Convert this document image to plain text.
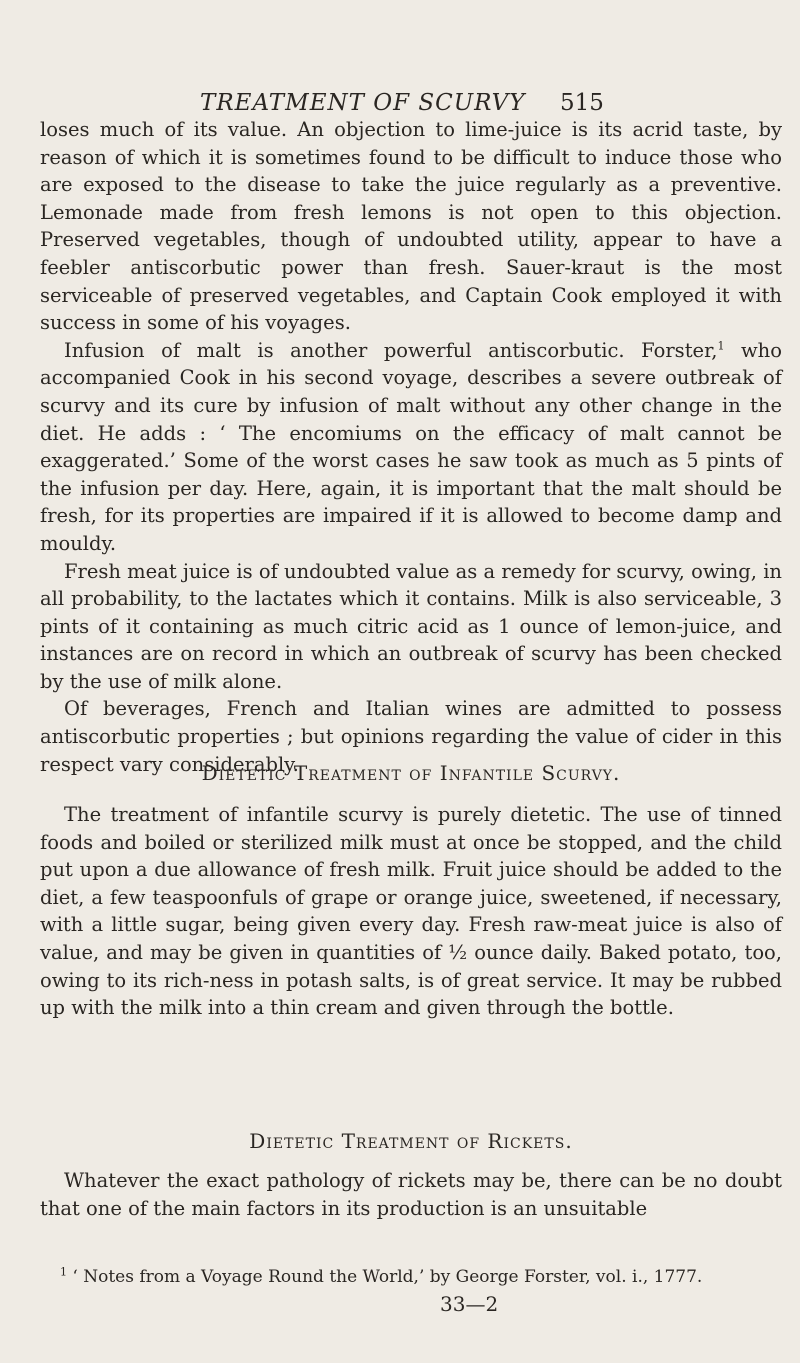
TREATMENT OF SCURVY	515

loses much of its value. An objection to lime-juice is its acrid taste, by reason of which it is sometimes found to be difficult to induce those who are exposed to the disease to take the juice regularly as a preventive. Lemonade made from fresh lemons is not open to this objection. Preserved vegetables, though of undoubted utility, appear to have a feebler antiscorbutic power than fresh. Sauer-kraut is the most serviceable of preserved vegetables, and Captain Cook employed it with success in some of his voyages.

Infusion of malt is another powerful antiscorbutic. Forster,$^1$ who accompanied Cook in his second voyage, describes a severe outbreak of scurvy and its cure by infusion of malt without any other change in the diet. He adds : ‘ The encomiums on the efficacy of malt cannot be exaggerated.’ Some of the worst cases he saw took as much as 5 pints of the infusion per day. Here, again, it is important that the malt should be fresh, for its properties are impaired if it is allowed to become damp and mouldy.

Fresh meat juice is of undoubted value as a remedy for scurvy, owing, in all probability, to the lactates which it contains. Milk is also serviceable, 3 pints of it containing as much citric acid as 1 ounce of lemon-juice, and instances are on record in which an outbreak of scurvy has been checked by the use of milk alone.

Of beverages, French and Italian wines are admitted to possess antiscorbutic properties ; but opinions regarding the value of cider in this respect vary considerably.

Dietetic Treatment of Infantile Scurvy.

The treatment of infantile scurvy is purely dietetic. The use of tinned foods and boiled or sterilized milk must at once be stopped, and the child put upon a due allowance of fresh milk. Fruit juice should be added to the diet, a few teaspoonfuls of grape or orange juice, sweetened, if necessary, with a little sugar, being given every day. Fresh raw-meat juice is also of value, and may be given in quantities of ½ ounce daily. Baked potato, too, owing to its rich-ness in potash salts, is of great service. It may be rubbed up with the milk into a thin cream and given through the bottle.

Dietetic Treatment of Rickets.

Whatever the exact pathology of rickets may be, there can be no doubt that one of the main factors in its production is an unsuitable

$^1$ ‘ Notes from a Voyage Round the World,’ by George Forster, vol. i., 1777.
33—2
